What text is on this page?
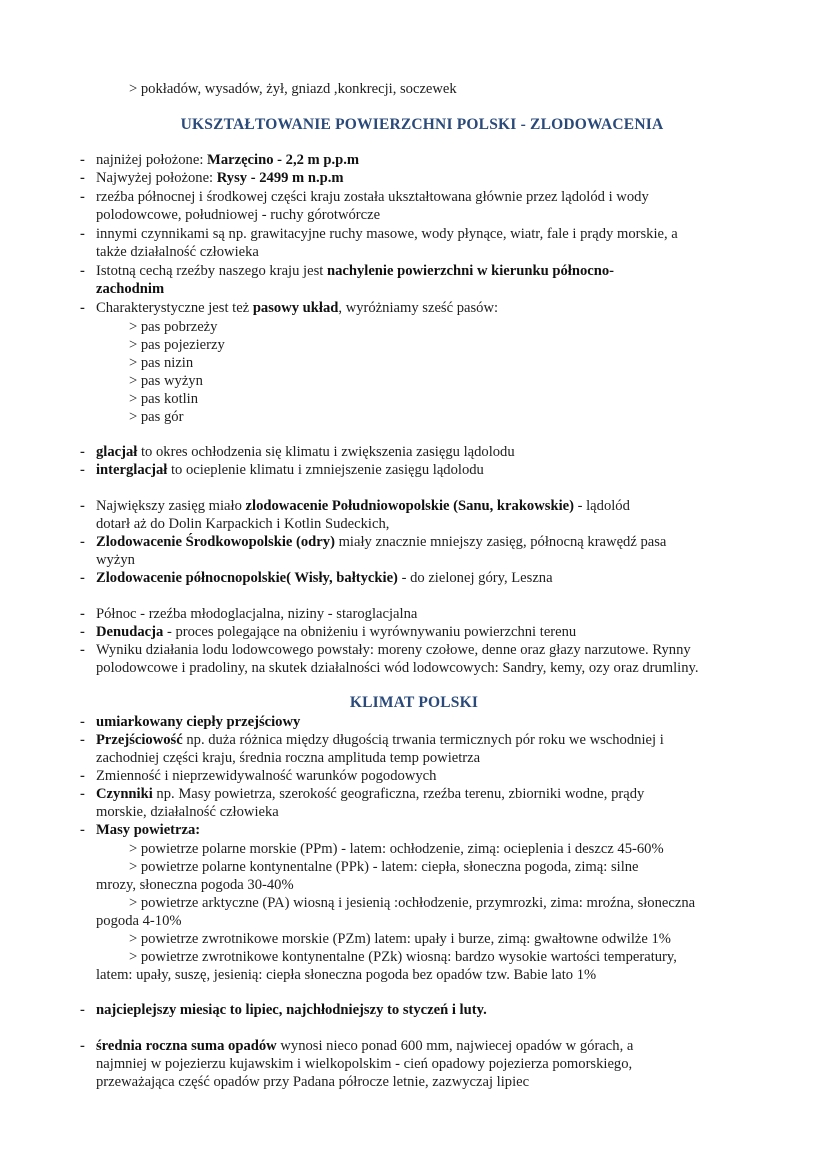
> pokładów, wysadów, żył, gniazd ,konkrecji, soczewek
UKSZTAŁTOWANIE POWIERZCHNI POLSKI - ZLODOWACENIA
- najniżej położone: Marzęcino - 2,2 m p.p.m
- Najwyżej położone: Rysy - 2499 m n.p.m
- rzeźba północnej i środkowej części kraju została ukształtowana głównie przez lądolód i wody
polodowcowe, południowej - ruchy górotwórcze
- innymi czynnikami są np. grawitacyjne ruchy masowe, wody płynące, wiatr, fale i prądy morskie, a
także działalność człowieka
- Istotną cechą rzeźby naszego kraju jest nachylenie powierzchni w kierunku północno-
zachodnim
- Charakterystyczne jest też pasowy układ, wyróżniamy sześć pasów:
> pas pobrzeży
> pas pojezierzy
> pas nizin
> pas wyżyn
> pas kotlin
> pas gór
- glacjał to okres ochłodzenia się klimatu i zwiększenia zasięgu lądolodu
- interglacjał to ocieplenie klimatu i zmniejszenie zasięgu lądolodu
- Największy zasięg miało zlodowacenie Południowopolskie (Sanu, krakowskie) - lądolód
dotarł aż do Dolin Karpackich i Kotlin Sudeckich,
- Zlodowacenie Środkowopolskie (odry) miały znacznie mniejszy zasięg, północną krawędź pasa
wyżyn
- Zlodowacenie północnopolskie( Wisły, bałtyckie) - do zielonej góry, Leszna
- Północ - rzeźba młodoglacjalna, niziny - staroglacjalna
- Denudacja - proces polegające na obniżeniu i wyrównywaniu powierzchni terenu
- Wyniku działania lodu lodowcowego powstały: moreny czołowe, denne oraz głazy narzutowe. Rynny
polodowcowe i pradoliny, na skutek działalności wód lodowcowych: Sandry, kemy, ozy oraz drumliny.
KLIMAT POLSKI
- umiarkowany ciepły przejściowy
- Przejściowość np. duża różnica między długością trwania termicznych pór roku we wschodniej i
zachodniej części kraju, średnia roczna amplituda temp powietrza
- Zmienność i nieprzewidywalność warunków pogodowych
- Czynniki np. Masy powietrza, szerokość geograficzna, rzeźba terenu, zbiorniki wodne, prądy
morskie, działalność człowieka
- Masy powietrza:
> powietrze polarne morskie (PPm) - latem: ochłodzenie, zimą: ocieplenia i deszcz 45-60%
> powietrze polarne kontynentalne (PPk) - latem: ciepła, słoneczna pogoda, zimą: silne
mrozy, słoneczna pogoda 30-40%
> powietrze arktyczne (PA) wiosną i jesienią :ochłodzenie, przymrozki, zima: mroźna, słoneczna
pogoda 4-10%
> powietrze zwrotnikowe morskie (PZm) latem: upały i burze, zimą: gwałtowne odwilże 1%
> powietrze zwrotnikowe kontynentalne (PZk) wiosną: bardzo wysokie wartości temperatury,
latem: upały, suszę, jesienią: ciepła słoneczna pogoda bez opadów tzw. Babie lato 1%
- najcieplejszy miesiąc to lipiec, najchłodniejszy to styczeń i luty.
- średnia roczna suma opadów wynosi nieco ponad 600 mm, najwiecej opadów w górach, a
najmniej w pojezierzu kujawskim i wielkopolskim - cień opadowy pojezierza pomorskiego,
przeważająca część opadów przy Padana półrocze letnie, zazwyczaj lipiec
